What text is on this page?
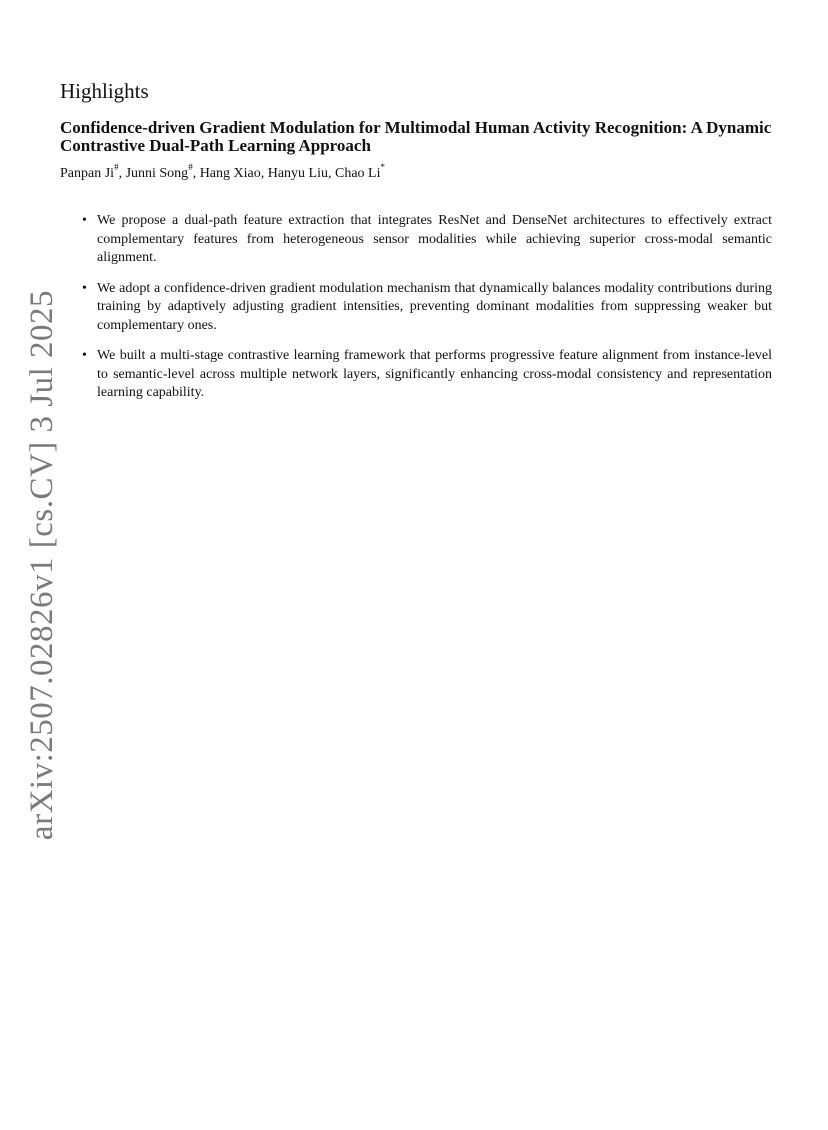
arXiv:2507.02826v1 [cs.CV] 3 Jul 2025
Highlights
Confidence-driven Gradient Modulation for Multimodal Human Activity Recognition: A Dynamic Contrastive Dual-Path Learning Approach

Panpan Ji#, Junni Song#, Hang Xiao, Hanyu Liu, Chao Li*

• We propose a dual-path feature extraction that integrates ResNet and DenseNet architectures to effectively extract complementary features from heterogeneous sensor modalities while achieving superior cross-modal semantic alignment.
• We adopt a confidence-driven gradient modulation mechanism that dynamically balances modality contributions during training by adaptively adjusting gradient intensities, preventing dominant modalities from suppressing weaker but complementary ones.
• We built a multi-stage contrastive learning framework that performs progressive feature alignment from instance-level to semantic-level across multiple network layers, significantly enhancing cross-modal consistency and representation learning capability.
